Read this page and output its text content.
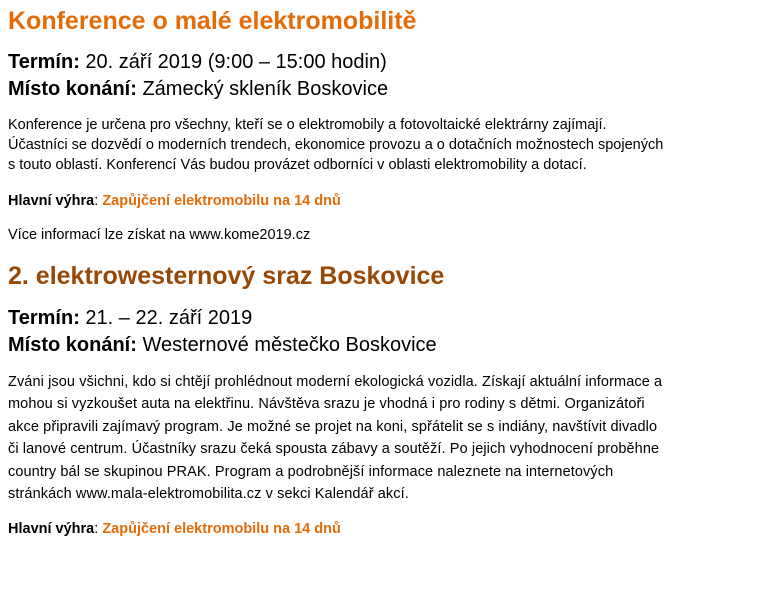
Konference o malé elektromobilitě

Termín: 20. září 2019 (9:00 – 15:00 hodin)

Místo konání: Zámecký skleník Boskovice

Konference je určena pro všechny, kteří se o elektromobily a fotovoltaické elektrárny zajímají.
Účastníci se dozvědí o moderních trendech, ekonomice provozu a o dotačních možnostech spojených
s touto oblastí. Konferencí Vás budou provázet odborníci v oblasti elektromobility a dotací.

Hlavní výhra: Zapůjčení elektromobilu na 14 dnů

Více informací lze získat na www.kome2019.cz

2. elektrowesternový sraz Boskovice

Termín: 21. – 22. září 2019

Místo konání: Westernové městečko Boskovice

Zváni jsou všichni, kdo si chtějí prohlédnout moderní ekologická vozidla. Získají aktuální informace a
mohou si vyzkoušet auta na elektřinu. Návštěva srazu je vhodná i pro rodiny s dětmi. Organizátoři
akce připravili zajímavý program. Je možné se projet na koni, spřátelit se s indiány, navštívit divadlo
či lanové centrum. Účastníky srazu čeká spousta zábavy a soutěží. Po jejich vyhodnocení proběhne
country bál se skupinou PRAK. Program a podrobnější informace naleznete na internetových
stránkách www.mala-elektromobilita.cz v sekci Kalendář akcí.

Hlavní výhra: Zapůjčení elektromobilu na 14 dnů
